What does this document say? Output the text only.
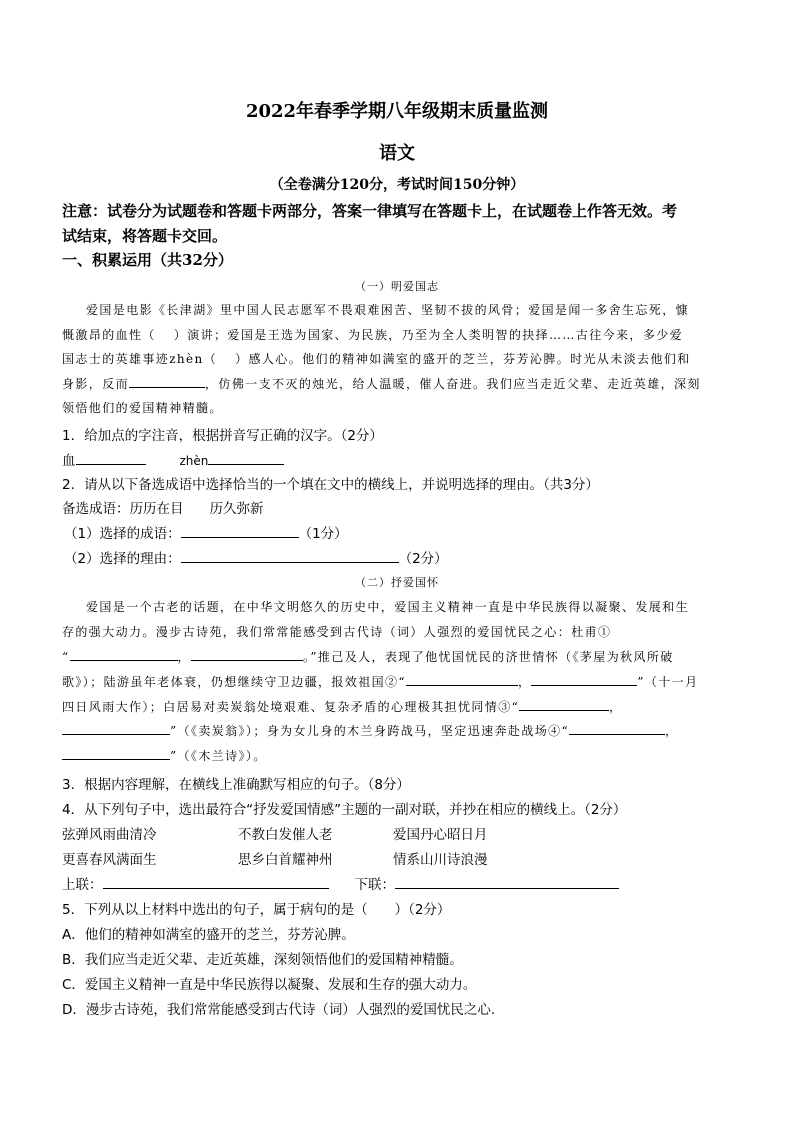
2022年春季学期八年级期末质量监测
语文
（全卷满分120分，考试时间150分钟）
注意：试卷分为试题卷和答题卡两部分，答案一律填写在答题卡上，在试题卷上作答无效。考
试结束，将答题卡交回。
一、积累运用（共32分）
（一）明爱国志
爱国是电影《长津湖》里中国人民志愿军不畏艰难困苦、坚韧不拔的风骨；爱国是闻一多舍生忘死，慷
慨激昂的血性（ ）演讲；爱国是王选为国家、为民族，乃至为全人类明智的抉择……古往今来，多少爱
国志士的英雄事迹zhèn（ ）感人心。他们的精神如满室的盛开的芝兰，芬芳沁脾。时光从未淡去他们和
身影，反而	，仿佛一支不灭的烛光，给人温暖，催人奋进。我们应当走近父辈、走近英雄，深刻
领悟他们的爱国精神精髓。
1．给加点的字注音，根据拼音写正确的汉字。（2分）
血	zhèn
2．请从以下备选成语中选择恰当的一个填在文中的横线上，并说明选择的理由。（共3分）
备选成语：历历在目 历久弥新
（1）选择的成语：	（1分）
（2）选择的理由：	（2分）
（二）抒爱国怀
爱国是一个古老的话题，在中华文明悠久的历史中，爱国主义精神一直是中华民族得以凝聚、发展和生
存的强大动力。漫步古诗苑，我们常常能感受到古代诗（词）人强烈的爱国忧民之心：杜甫①
“	，	。”推己及人，表现了他忧国忧民的济世情怀（《茅屋为秋风所破
歌》）；陆游虽年老体衰，仍想继续守卫边疆，报效祖国②“	，	”（十一月
四日风雨大作）；白居易对卖炭翁处境艰难、复杂矛盾的心理极其担忧同情③“	，
”（《卖炭翁》）；身为女儿身的木兰身跨战马，坚定迅速奔赴战场④“	，
”（《木兰诗》）。
3．根据内容理解，在横线上准确默写相应的句子。（8分）
4．从下列句子中，选出最符合“抒发爱国情感”主题的一副对联，并抄在相应的横线上。（2分）
弦弹风雨曲清冷	不教白发催人老	爱国丹心昭日月
更喜春风满面生	思乡白首耀神州	情系山川诗浪漫
上联：	下联：
5．下列从以上材料中选出的句子，属于病句的是（　　）（2分）
A．他们的精神如满室的盛开的芝兰，芬芳沁脾。
B．我们应当走近父辈、走近英雄，深刻领悟他们的爱国精神精髓。
C．爱国主义精神一直是中华民族得以凝聚、发展和生存的强大动力。
D．漫步古诗苑，我们常常能感受到古代诗（词）人强烈的爱国忧民之心.
